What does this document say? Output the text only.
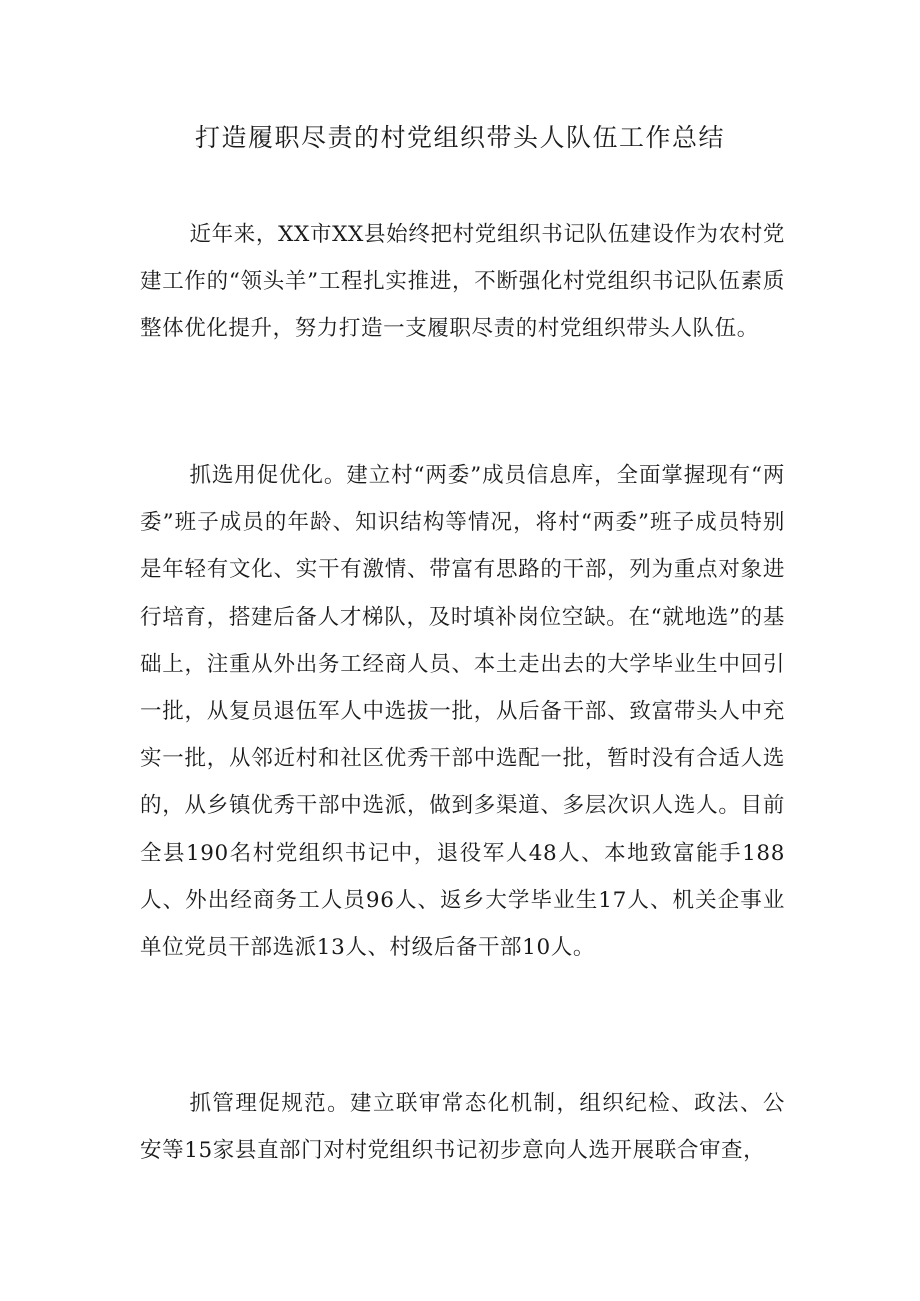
打造履职尽责的村党组织带头人队伍工作总结

近年来，XX市XX县始终把村党组织书记队伍建设作为农村党建工作的“领头羊”工程扎实推进，不断强化村党组织书记队伍素质整体优化提升，努力打造一支履职尽责的村党组织带头人队伍。

抓选用促优化。建立村“两委”成员信息库，全面掌握现有“两委”班子成员的年龄、知识结构等情况，将村“两委”班子成员特别是年轻有文化、实干有激情、带富有思路的干部，列为重点对象进行培育，搭建后备人才梯队，及时填补岗位空缺。在“就地选”的基础上，注重从外出务工经商人员、本土走出去的大学毕业生中回引一批，从复员退伍军人中选拔一批，从后备干部、致富带头人中充实一批，从邻近村和社区优秀干部中选配一批，暂时没有合适人选的，从乡镇优秀干部中选派，做到多渠道、多层次识人选人。目前全县190名村党组织书记中，退役军人48人、本地致富能手188人、外出经商务工人员96人、返乡大学毕业生17人、机关企事业单位党员干部选派13人、村级后备干部10人。

抓管理促规范。建立联审常态化机制，组织纪检、政法、公安等15家县直部门对村党组织书记初步意向人选开展联合审查，
